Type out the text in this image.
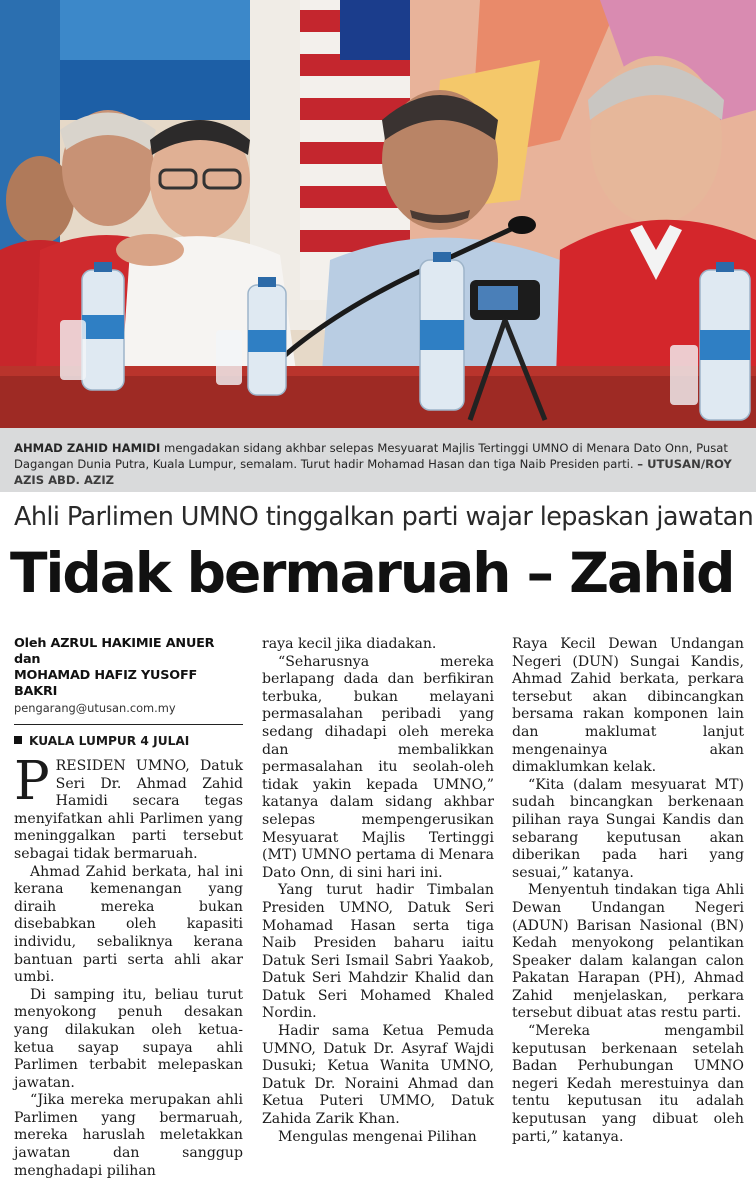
AHMAD ZAHID HAMIDI mengadakan sidang akhbar selepas Mesyuarat Majlis Tertinggi UMNO di Menara Dato Onn, Pusat Dagangan Dunia Putra, Kuala Lumpur, semalam. Turut hadir Mohamad Hasan dan tiga Naib Presiden parti. – UTUSAN/ROY AZIS ABD. AZIZ
Ahli Parlimen UMNO tinggalkan parti wajar lepaskan jawatan
Tidak bermaruah – Zahid
Oleh AZRUL HAKIMIE ANUER dan
MOHAMAD HAFIZ YUSOFF BAKRI
pengarang@utusan.com.my
KUALA LUMPUR 4 JULAI

PRESIDEN UMNO, Datuk Seri Dr. Ahmad Zahid Hamidi secara tegas menyifatkan ahli Parlimen yang meninggalkan parti tersebut sebagai tidak bermaruah.

Ahmad Zahid berkata, hal ini kerana kemenangan yang diraih mereka bukan disebabkan oleh kapasiti individu, sebaliknya kerana bantuan parti serta ahli akar umbi.

Di samping itu, beliau turut menyokong penuh desakan yang dilakukan oleh ketua-ketua sayap supaya ahli Parlimen terbabit melepaskan jawatan.

“Jika mereka merupakan ahli Parlimen yang bermaruah, mereka haruslah meletakkan jawatan dan sanggup menghadapi pilihan

raya kecil jika diadakan.

“Seharusnya mereka berlapang dada dan berfikiran terbuka, bukan melayani permasalahan peribadi yang sedang dihadapi oleh mereka dan membalikkan permasalahan itu seolah-oleh tidak yakin kepada UMNO,” katanya dalam sidang akhbar selepas mempengerusikan Mesyuarat Majlis Tertinggi (MT) UMNO pertama di Menara Dato Onn, di sini hari ini.

Yang turut hadir Timbalan Presiden UMNO, Datuk Seri Mohamad Hasan serta tiga Naib Presiden baharu iaitu Datuk Seri Ismail Sabri Yaakob, Datuk Seri Mahdzir Khalid dan Datuk Seri Mohamed Khaled Nordin.

Hadir sama Ketua Pemuda UMNO, Datuk Dr. Asyraf Wajdi Dusuki; Ketua Wanita UMNO, Datuk Dr. Noraini Ahmad dan Ketua Puteri UMMO, Datuk Zahida Zarik Khan.

Mengulas mengenai Pilihan

Raya Kecil Dewan Undangan Negeri (DUN) Sungai Kandis, Ahmad Zahid berkata, perkara tersebut akan dibincangkan bersama rakan komponen lain dan maklumat lanjut mengenainya akan dimaklumkan kelak.

“Kita (dalam mesyuarat MT) sudah bincangkan berkenaan pilihan raya Sungai Kandis dan sebarang keputusan akan diberikan pada hari yang sesuai,” katanya.

Menyentuh tindakan tiga Ahli Dewan Undangan Negeri (ADUN) Barisan Nasional (BN) Kedah menyokong pelantikan Speaker dalam kalangan calon Pakatan Harapan (PH), Ahmad Zahid menjelaskan, perkara tersebut dibuat atas restu parti.

“Mereka mengambil keputusan berkenaan setelah Badan Perhubungan UMNO negeri Kedah merestuinya dan tentu keputusan itu adalah keputusan yang dibuat oleh parti,” katanya.
